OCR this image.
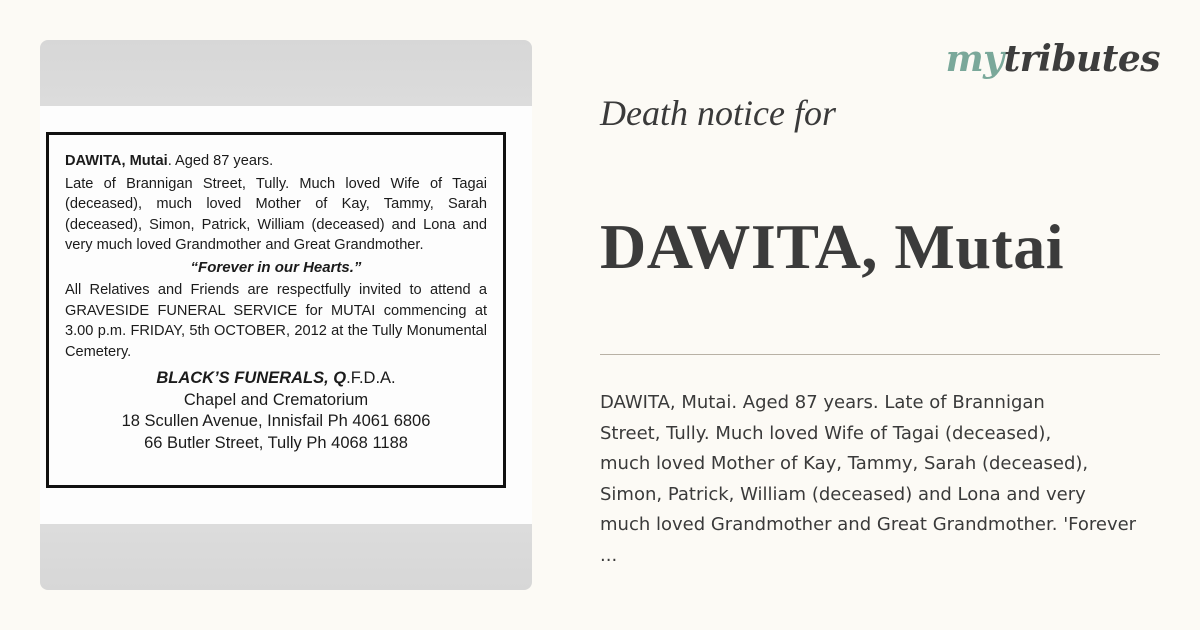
DAWITA, Mutai. Aged 87 years.

Late of Brannigan Street, Tully. Much loved Wife of Tagai (deceased), much loved Mother of Kay, Tammy, Sarah (deceased), Simon, Patrick, William (deceased) and Lona and very much loved Grandmother and Great Grandmother.

“Forever in our Hearts.”

All Relatives and Friends are respectfully invited to attend a GRAVESIDE FUNERAL SERVICE for MUTAI commencing at 3.00 p.m. FRIDAY, 5th OCTOBER, 2012 at the Tully Monumental Cemetery.

BLACK’S FUNERALS, Q.F.D.A.
Chapel and Crematorium
18 Scullen Avenue, Innisfail Ph 4061 6806
66 Butler Street, Tully Ph 4068 1188
mytributes
Death notice for
DAWITA, Mutai
DAWITA, Mutai. Aged 87 years. Late of Brannigan
Street, Tully. Much loved Wife of Tagai (deceased),
much loved Mother of Kay, Tammy, Sarah (deceased),
Simon, Patrick, William (deceased) and Lona and very
much loved Grandmother and Great Grandmother. 'Forever
...
